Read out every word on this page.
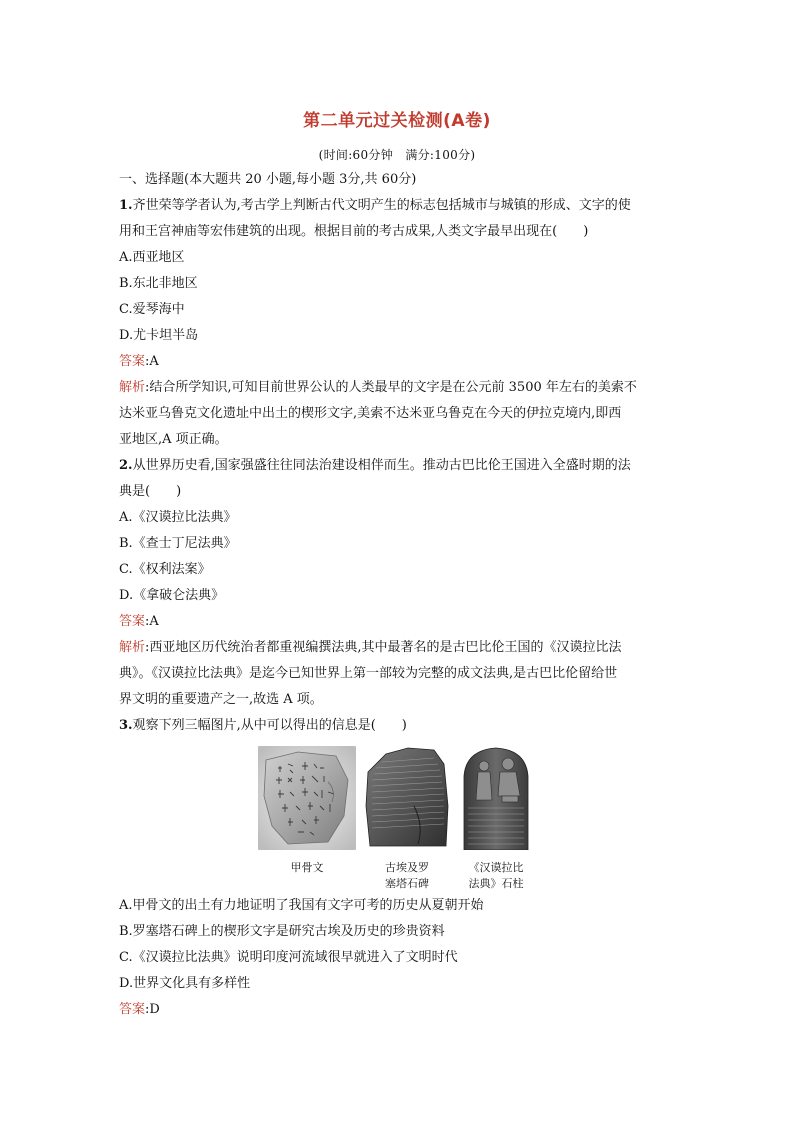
第二单元过关检测(A卷)
(时间:60分钟　满分:100分)
一、选择题(本大题共 20 小题,每小题 3分,共 60分)
1.齐世荣等学者认为,考古学上判断古代文明产生的标志包括城市与城镇的形成、文字的使
用和王宫神庙等宏伟建筑的出现。根据目前的考古成果,人类文字最早出现在(　　)
A.西亚地区
B.东北非地区
C.爱琴海中
D.尤卡坦半岛
答案:A
解析:结合所学知识,可知目前世界公认的人类最早的文字是在公元前 3500 年左右的美索不
达米亚乌鲁克文化遗址中出土的楔形文字,美索不达米亚乌鲁克在今天的伊拉克境内,即西
亚地区,A 项正确。
2.从世界历史看,国家强盛往往同法治建设相伴而生。推动古巴比伦王国进入全盛时期的法
典是(　　)
A.《汉谟拉比法典》
B.《查士丁尼法典》
C.《权利法案》
D.《拿破仑法典》
答案:A
解析:西亚地区历代统治者都重视编撰法典,其中最著名的是古巴比伦王国的《汉谟拉比法
典》。《汉谟拉比法典》是迄今已知世界上第一部较为完整的成文法典,是古巴比伦留给世
界文明的重要遗产之一,故选 A 项。
3.观察下列三幅图片,从中可以得出的信息是(　　)
甲骨文	古埃及罗
塞塔石碑
《汉谟拉比
法典》石柱
A.甲骨文的出土有力地证明了我国有文字可考的历史从夏朝开始
B.罗塞塔石碑上的楔形文字是研究古埃及历史的珍贵资料
C.《汉谟拉比法典》说明印度河流域很早就进入了文明时代
D.世界文化具有多样性
答案:D
